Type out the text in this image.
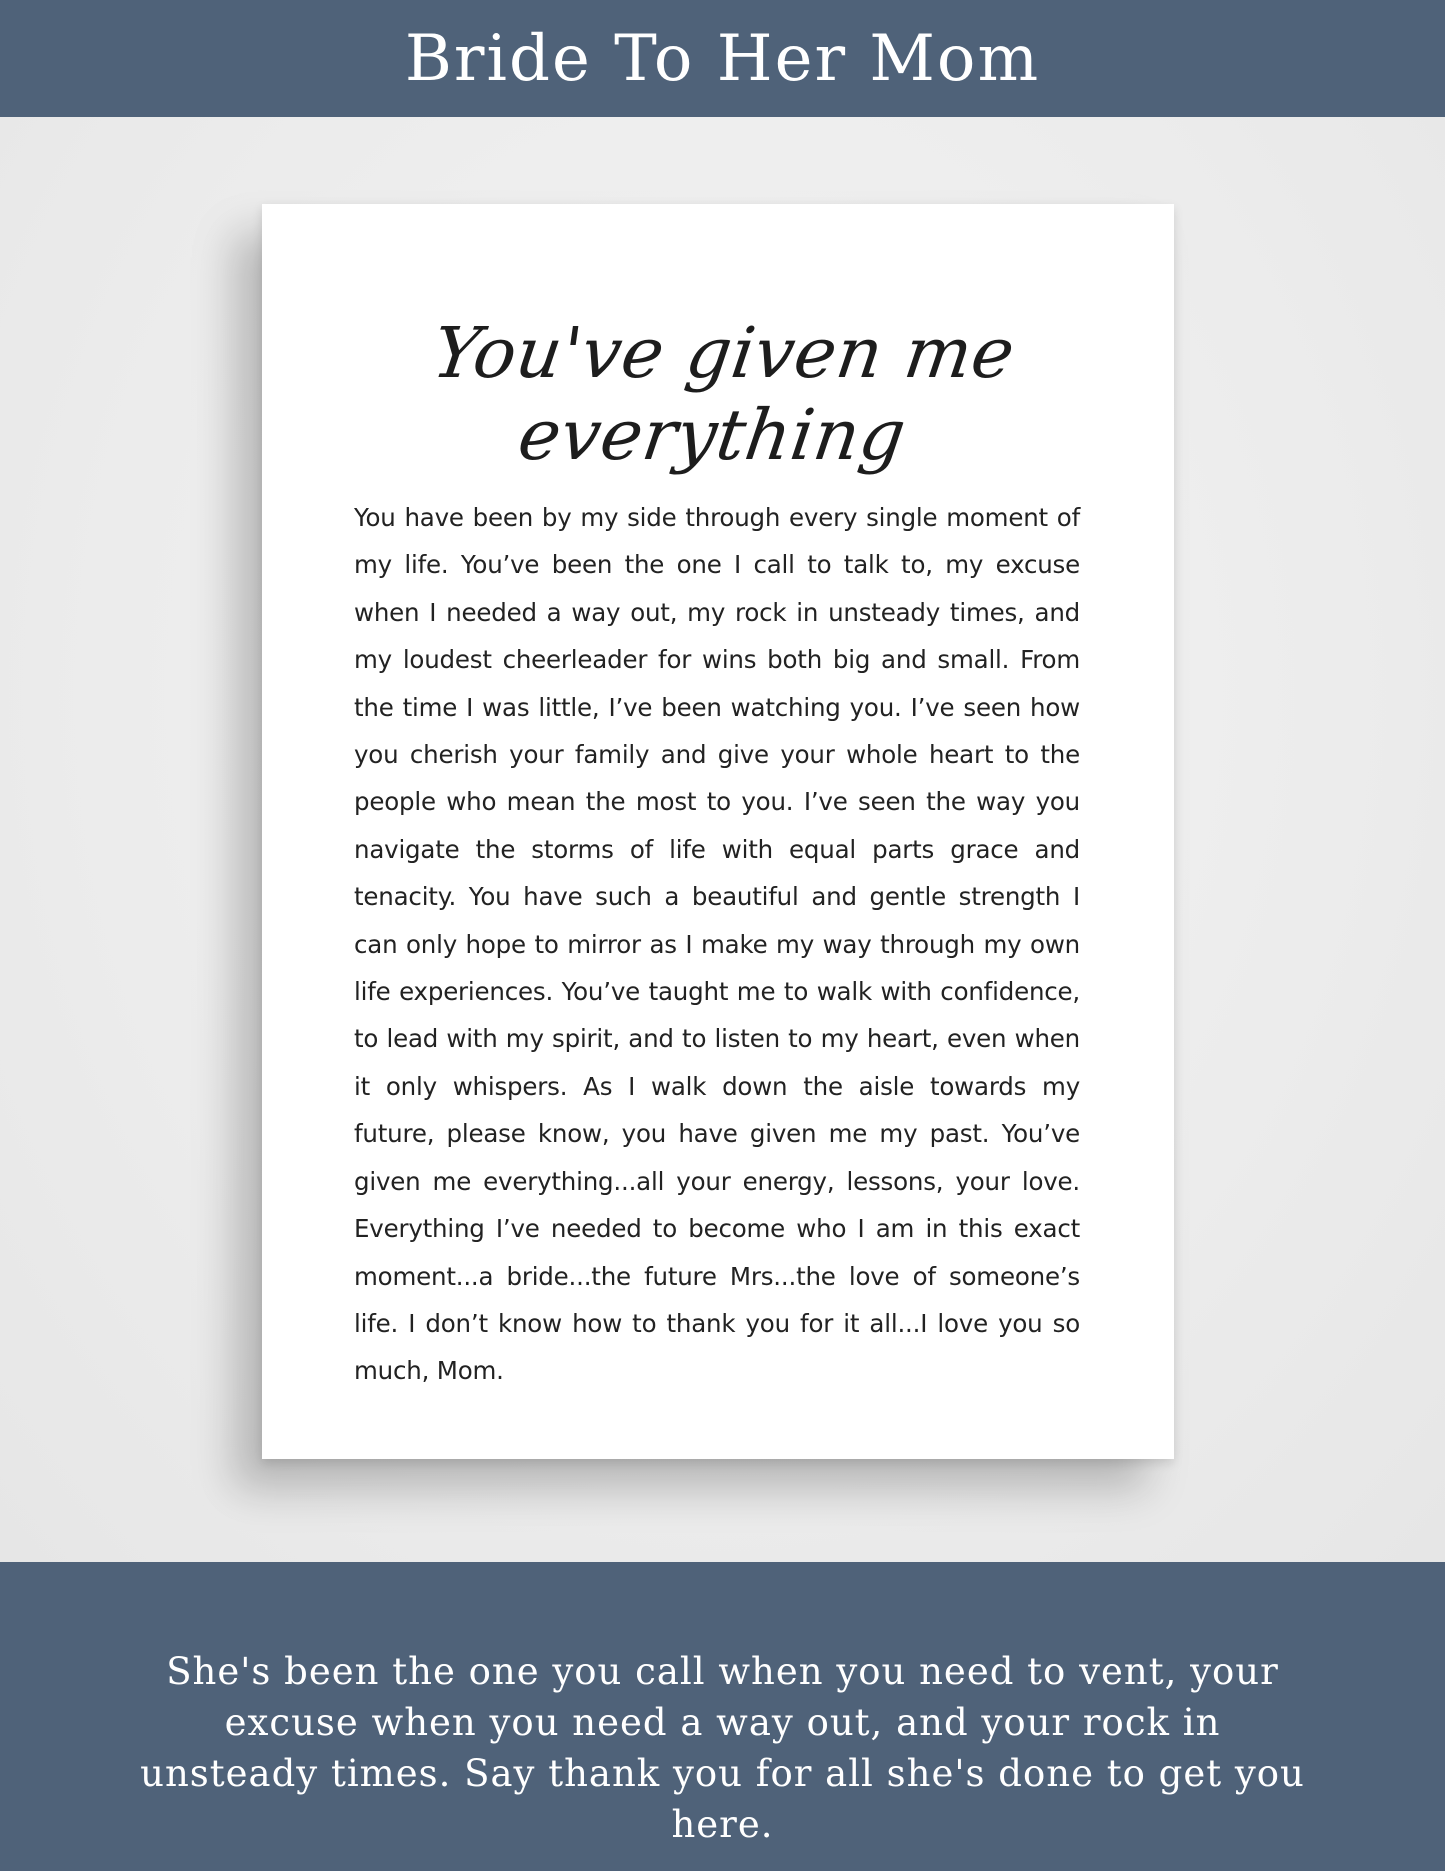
Bride To Her Mom
You've given me everything

You have been by my side through every single moment of my life. You’ve been the one I call to talk to, my excuse when I needed a way out, my rock in unsteady times, and my loudest cheerleader for wins both big and small. From the time I was little, I’ve been watching you. I’ve seen how you cherish your family and give your whole heart to the people who mean the most to you. I’ve seen the way you navigate the storms of life with equal parts grace and tenacity. You have such a beautiful and gentle strength I can only hope to mirror as I make my way through my own life experiences. You’ve taught me to walk with confidence, to lead with my spirit, and to listen to my heart, even when it only whispers. As I walk down the aisle towards my future, please know, you have given me my past. You’ve given me everything...all your energy, lessons, your love. Everything I’ve needed to become who I am in this exact moment...a bride...the future Mrs...the love of someone’s life. I don’t know how to thank you for it all...I love you so much, Mom.

She's been the one you call when you need to vent, your excuse when you need a way out, and your rock in unsteady times. Say thank you for all she's done to get you here.
